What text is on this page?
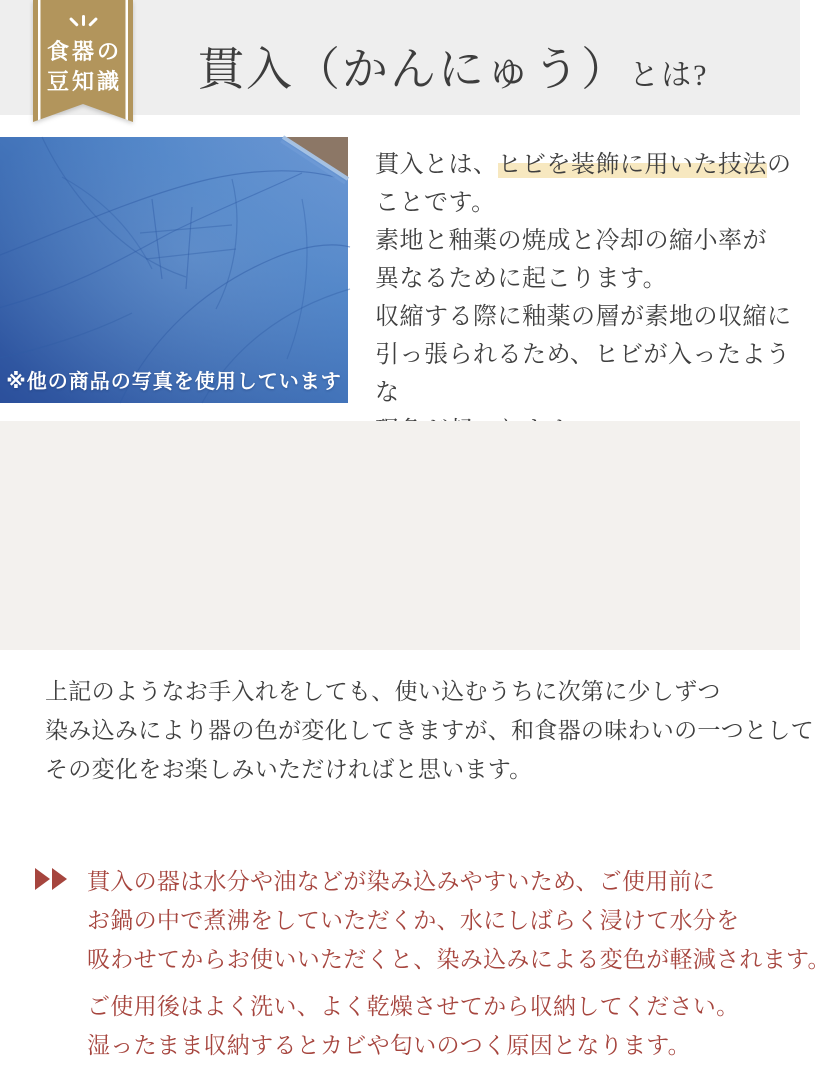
貫入（かんにゅう）とは?
食器の
豆知識
※他の商品の写真を使用しています
貫入とは、ヒビを装飾に用いた技法の
ことです。
素地と釉薬の焼成と冷却の縮小率が
異なるために起こります。
収縮する際に釉薬の層が素地の収縮に
引っ張られるため、ヒビが入ったような

貫入の器は水分や油などが染み込みやすいため、ご使用前に
お鍋の中で煮沸をしていただくか、水にしばらく浸けて水分を
吸わせてからお使いいただくと、染み込みによる変色が軽減されます。

ご使用後はよく洗い、よく乾燥させてから収納してください。
湿ったまま収納するとカビや匂いのつく原因となります。

上記のようなお手入れをしても、使い込むうちに次第に少しずつ
染み込みにより器の色が変化してきますが、和食器の味わいの一つとして
その変化をお楽しみいただければと思います。
